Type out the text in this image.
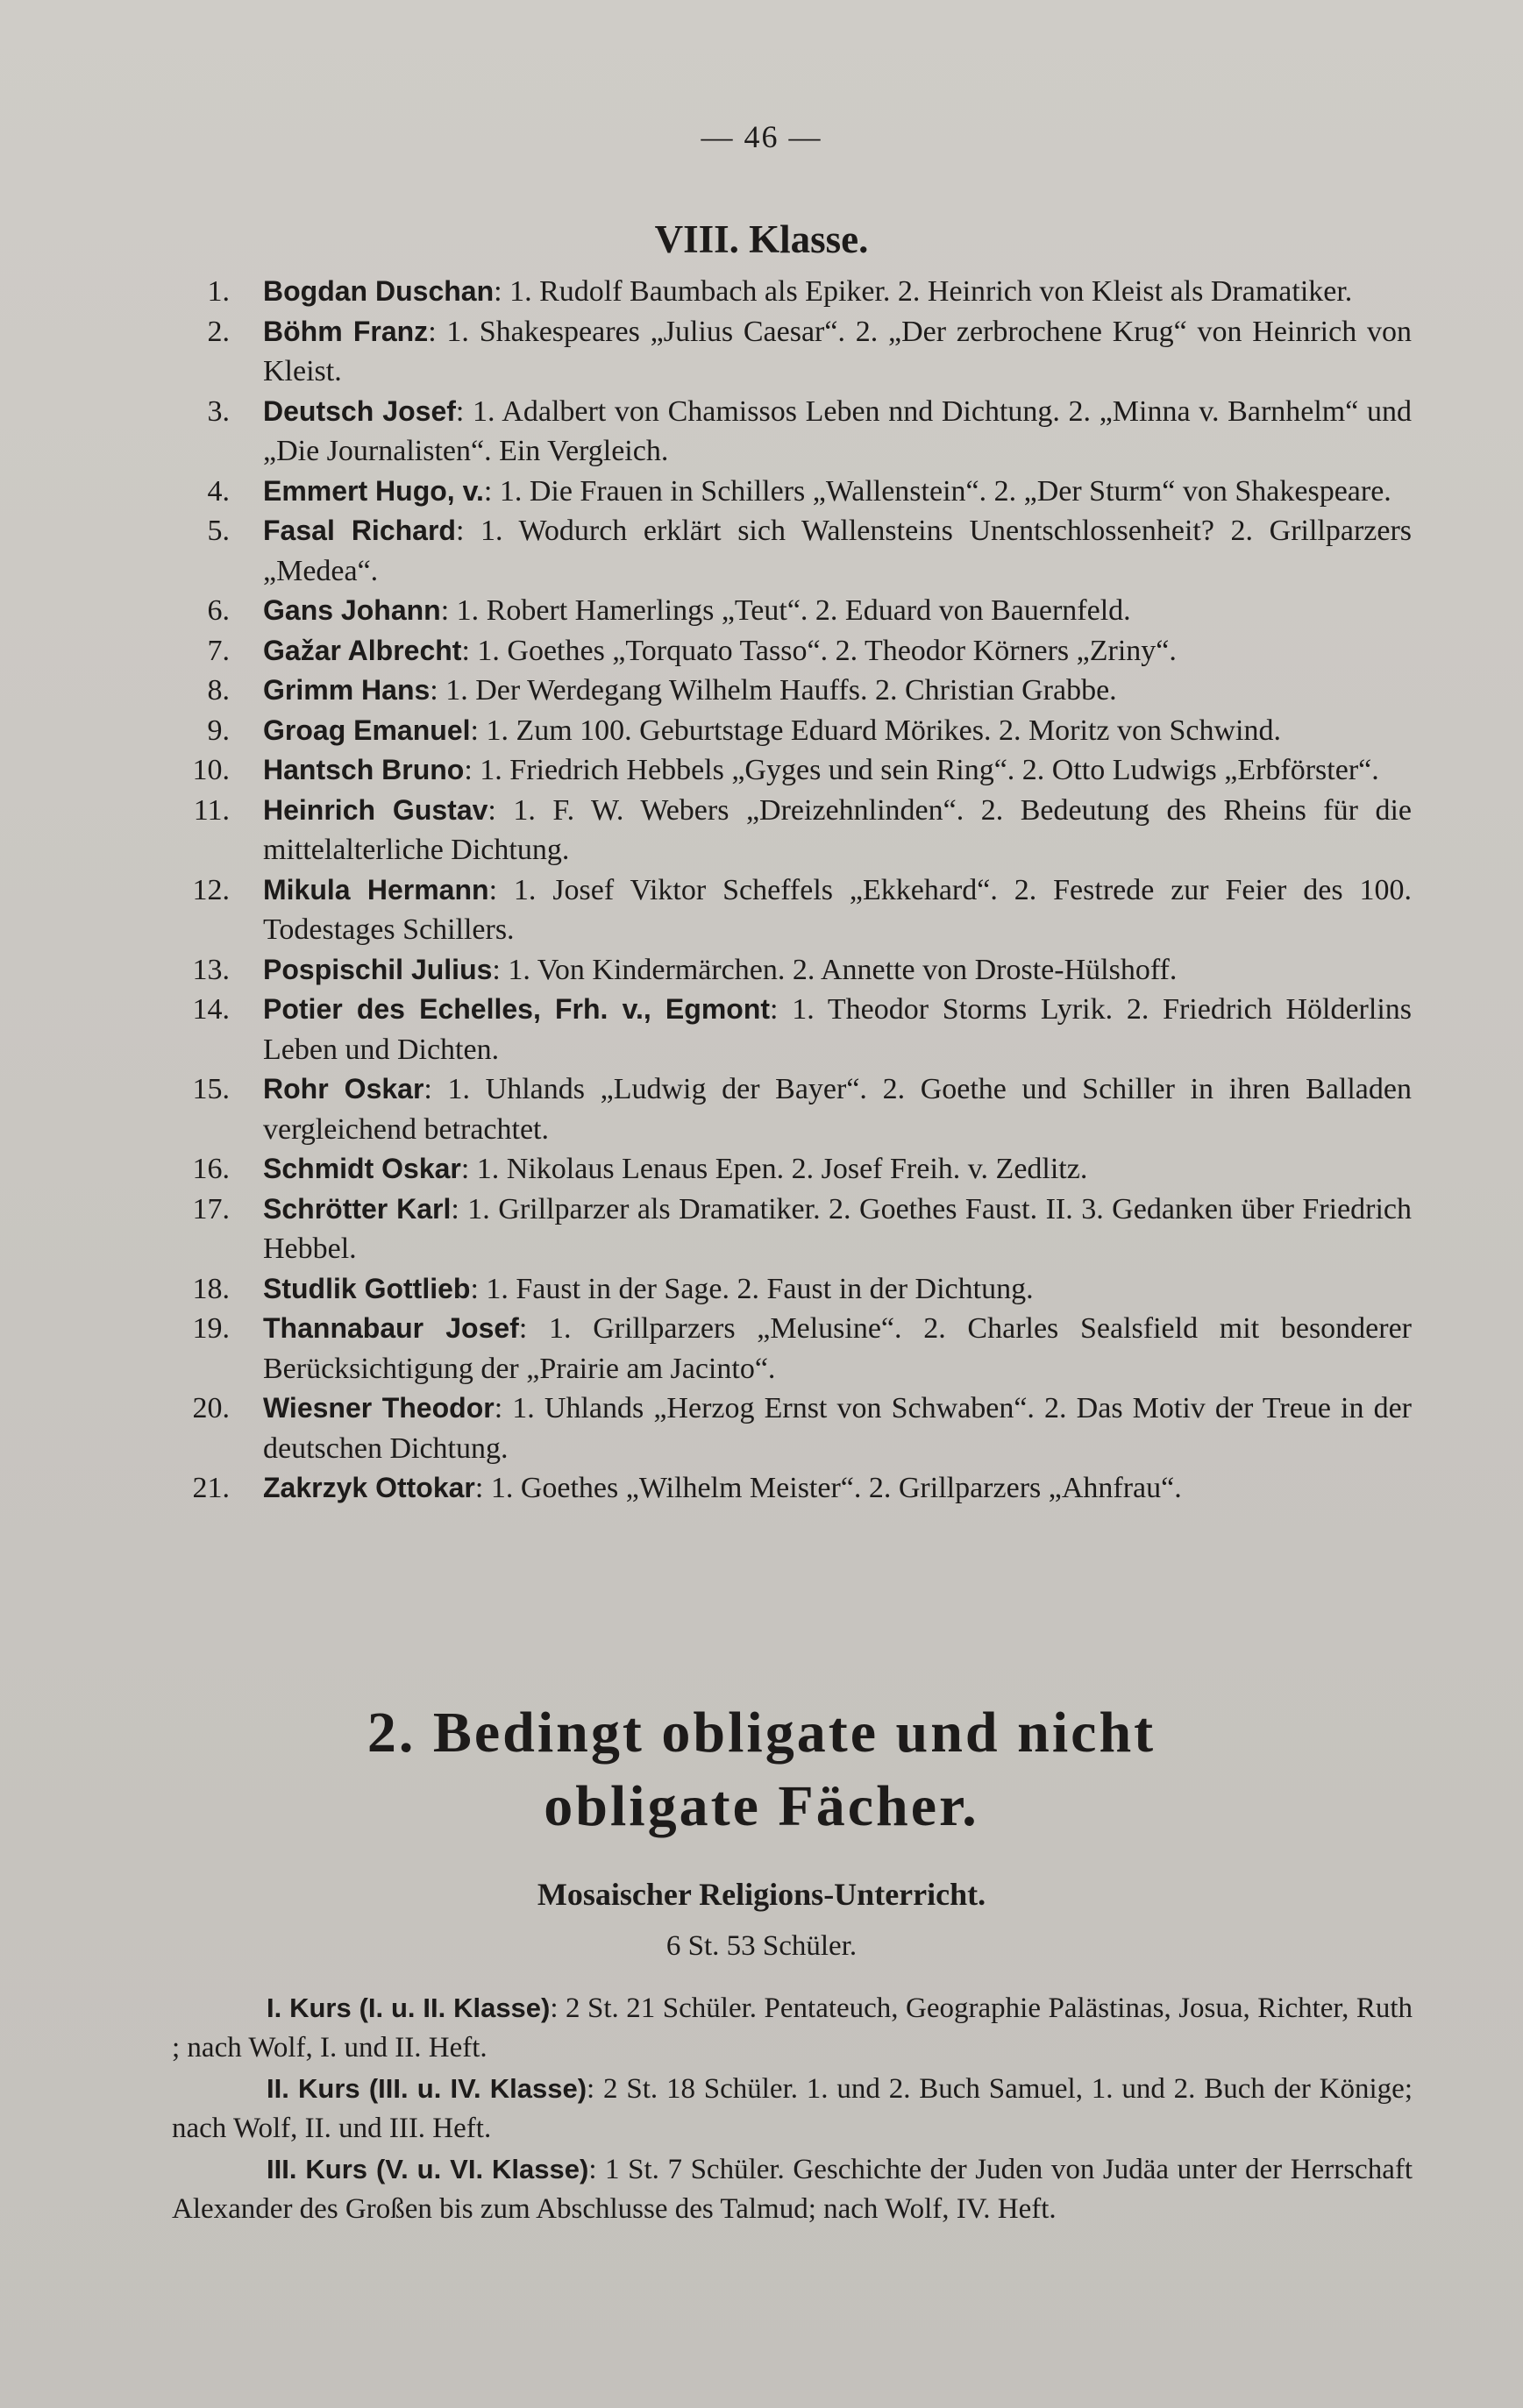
— 46 —
VIII. Klasse.
1. Bogdan Duschan: 1. Rudolf Baumbach als Epiker. 2. Heinrich von Kleist als Dramatiker.
2. Böhm Franz: 1. Shakespeares „Julius Caesar“. 2. „Der zerbrochene Krug“ von Heinrich von Kleist.
3. Deutsch Josef: 1. Adalbert von Chamissos Leben nnd Dichtung. 2. „Minna v. Barnhelm“ und „Die Journalisten“. Ein Vergleich.
4. Emmert Hugo, v.: 1. Die Frauen in Schillers „Wallenstein“. 2. „Der Sturm“ von Shakespeare.
5. Fasal Richard: 1. Wodurch erklärt sich Wallensteins Unentschlossenheit? 2. Grillparzers „Medea“.
6. Gans Johann: 1. Robert Hamerlings „Teut“. 2. Eduard von Bauernfeld.
7. Gažar Albrecht: 1. Goethes „Torquato Tasso“. 2. Theodor Körners „Zriny“.
8. Grimm Hans: 1. Der Werdegang Wilhelm Hauffs. 2. Christian Grabbe.
9. Groag Emanuel: 1. Zum 100. Geburtstage Eduard Mörikes. 2. Moritz von Schwind.
10. Hantsch Bruno: 1. Friedrich Hebbels „Gyges und sein Ring“. 2. Otto Ludwigs „Erbförster“.
11. Heinrich Gustav: 1. F. W. Webers „Dreizehnlinden“. 2. Bedeutung des Rheins für die mittelalterliche Dichtung.
12. Mikula Hermann: 1. Josef Viktor Scheffels „Ekkehard“. 2. Festrede zur Feier des 100. Todestages Schillers.
13. Pospischil Julius: 1. Von Kindermärchen. 2. Annette von Droste-Hülshoff.
14. Potier des Echelles, Frh. v., Egmont: 1. Theodor Storms Lyrik. 2. Friedrich Hölderlins Leben und Dichten.
15. Rohr Oskar: 1. Uhlands „Ludwig der Bayer“. 2. Goethe und Schiller in ihren Balladen vergleichend betrachtet.
16. Schmidt Oskar: 1. Nikolaus Lenaus Epen. 2. Josef Freih. v. Zedlitz.
17. Schrötter Karl: 1. Grillparzer als Dramatiker. 2. Goethes Faust. II. 3. Gedanken über Friedrich Hebbel.
18. Studlik Gottlieb: 1. Faust in der Sage. 2. Faust in der Dichtung.
19. Thannabaur Josef: 1. Grillparzers „Melusine“. 2. Charles Sealsfield mit besonderer Berücksichtigung der „Prairie am Jacinto“.
20. Wiesner Theodor: 1. Uhlands „Herzog Ernst von Schwaben“. 2. Das Motiv der Treue in der deutschen Dichtung.
21. Zakrzyk Ottokar: 1. Goethes „Wilhelm Meister“. 2. Grillparzers „Ahnfrau“.
2. Bedingt obligate und nicht
obligate Fächer.
Mosaischer Religions-Unterricht.
6 St. 53 Schüler.
I. Kurs (I. u. II. Klasse): 2 St. 21 Schüler. Pentateuch, Geographie Palästinas, Josua, Richter, Ruth ; nach Wolf, I. und II. Heft.
II. Kurs (III. u. IV. Klasse): 2 St. 18 Schüler. 1. und 2. Buch Samuel, 1. und 2. Buch der Könige; nach Wolf, II. und III. Heft.
III. Kurs (V. u. VI. Klasse): 1 St. 7 Schüler. Geschichte der Juden von Judäa unter der Herrschaft Alexander des Großen bis zum Abschlusse des Talmud; nach Wolf, IV. Heft.
